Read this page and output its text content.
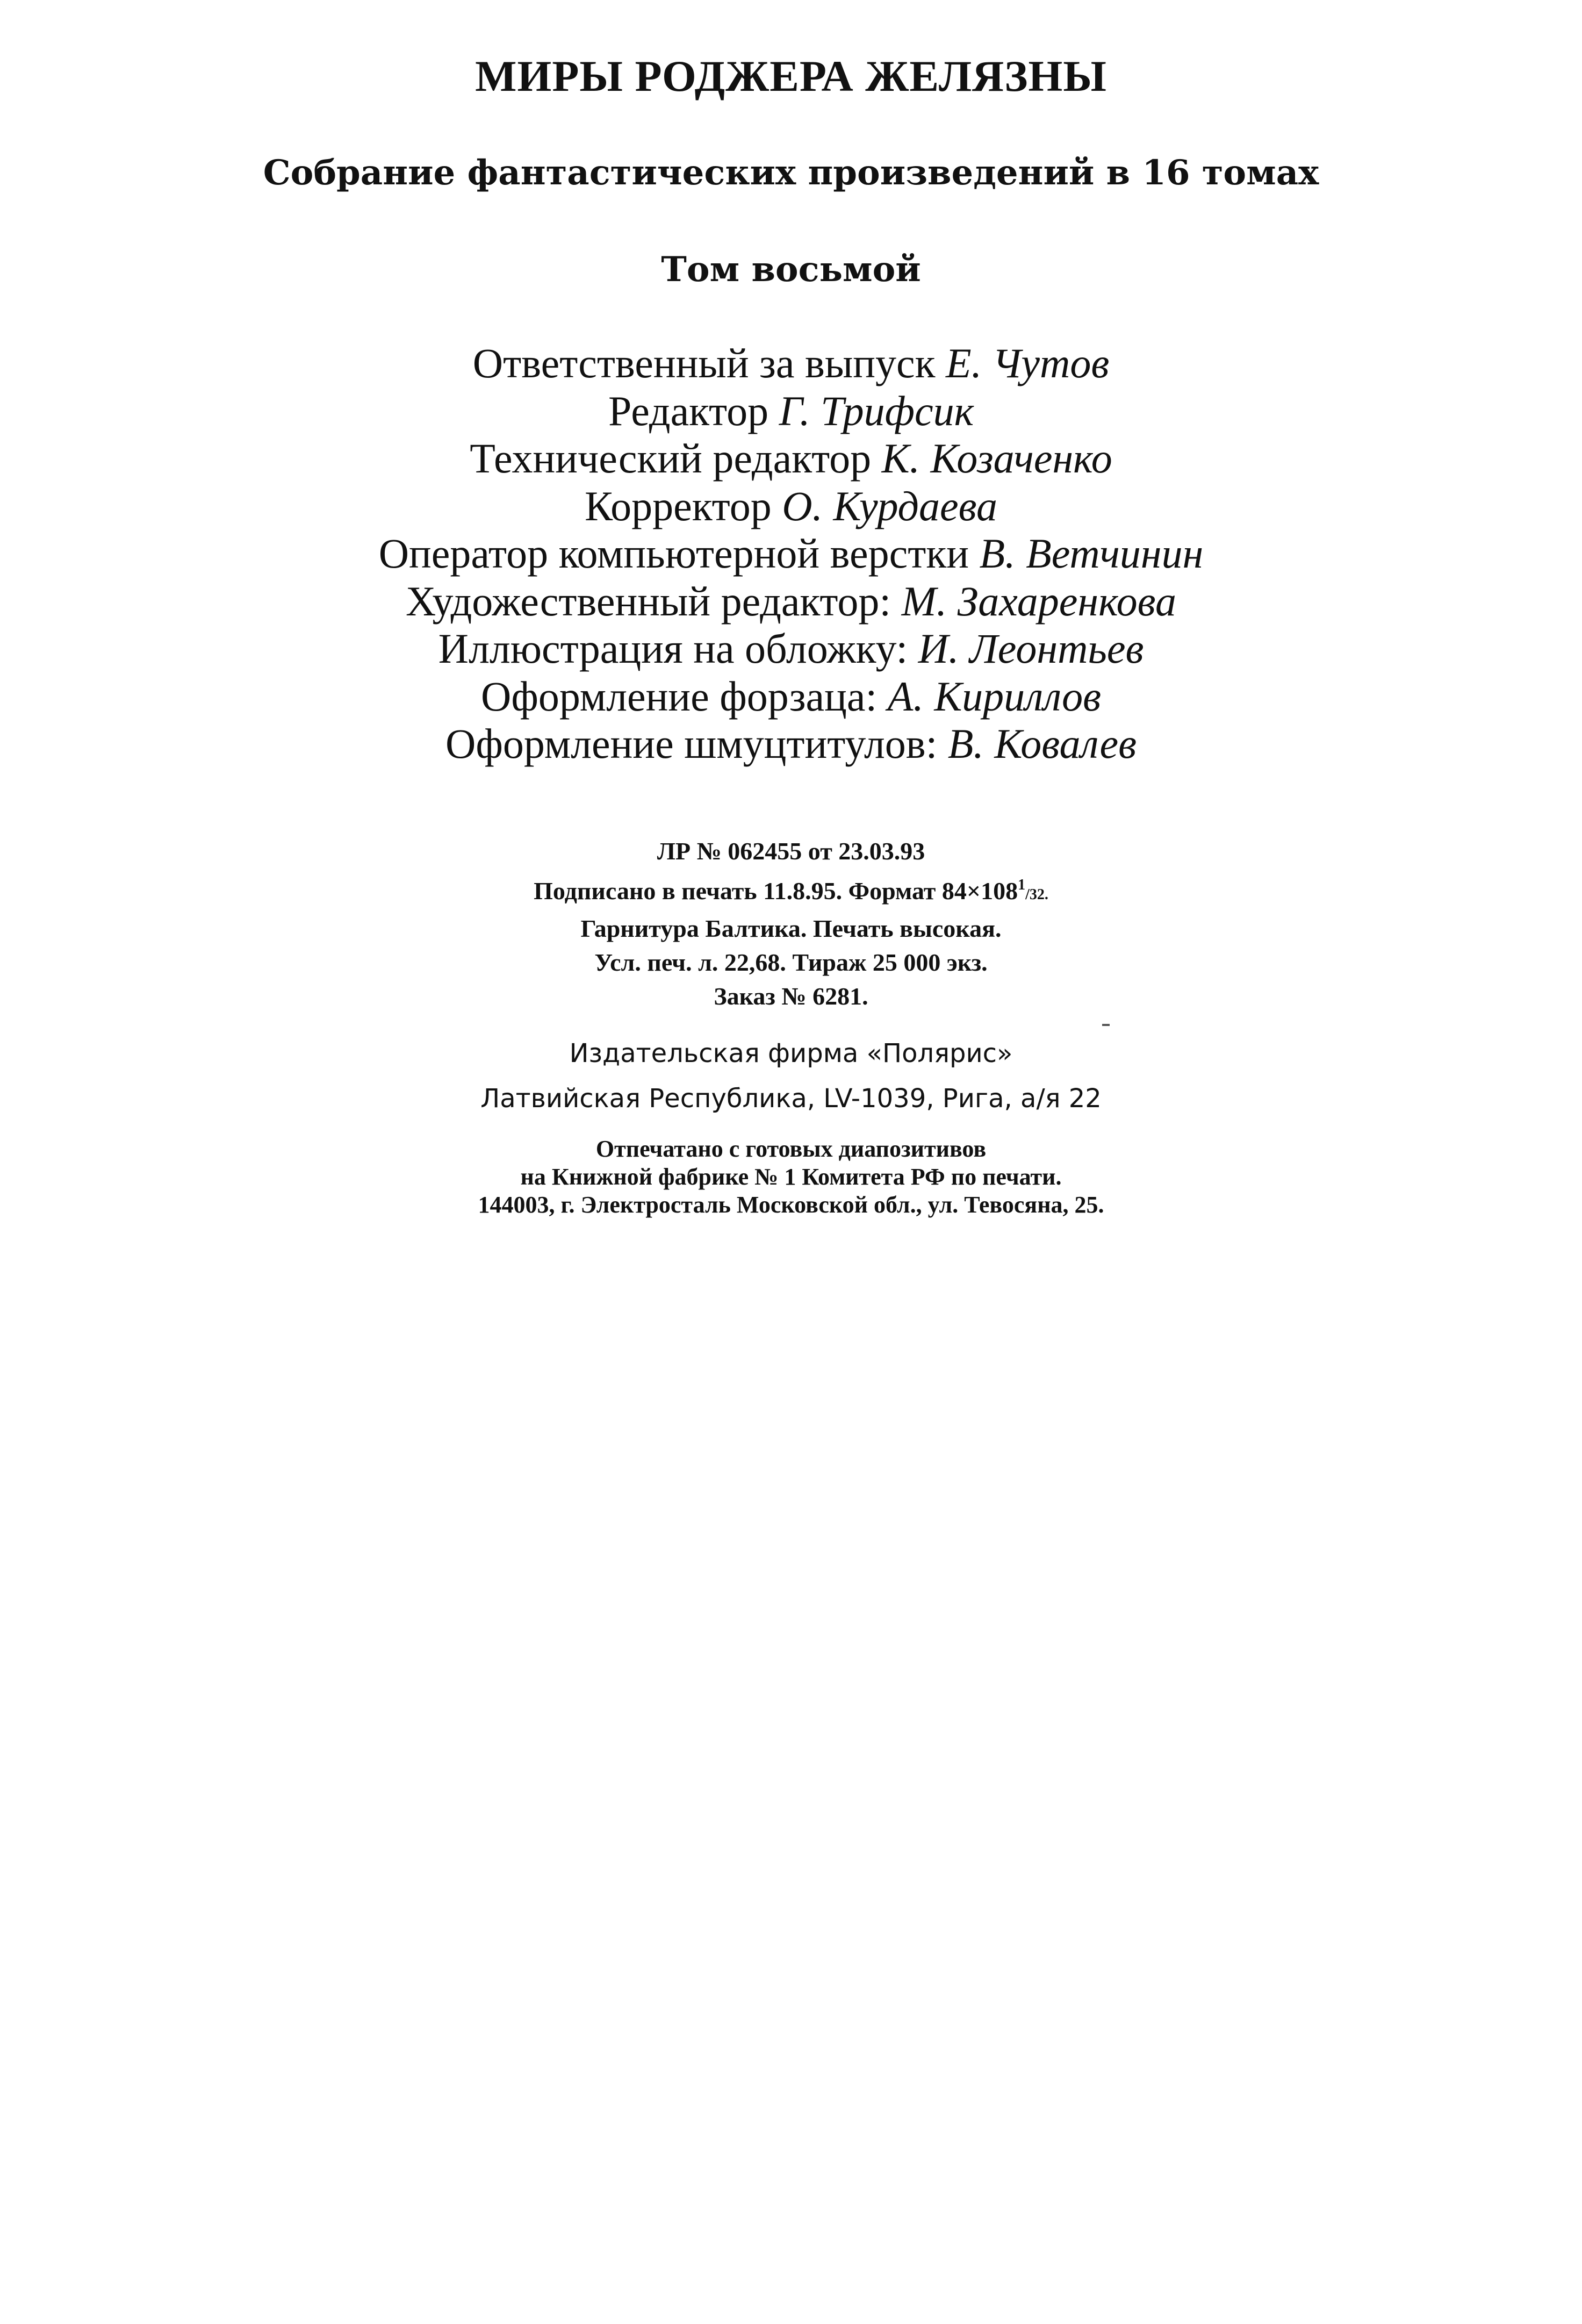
МИРЫ РОДЖЕРА ЖЕЛЯЗНЫ
Собрание фантастических произведений в 16 томах
Том восьмой
Ответственный за выпуск Е. Чутов
Редактор Г. Трифсик
Технический редактор К. Козаченко
Корректор О. Курдаева
Оператор компьютерной верстки В. Ветчинин
Художественный редактор: М. Захаренкова
Иллюстрация на обложку: И. Леонтьев
Оформление форзаца: А. Кириллов
Оформление шмуцтитулов: В. Ковалев
ЛР № 062455 от 23.03.93
Подписано в печать 11.8.95. Формат $84\times 108^1/32$.
Гарнитура Балтика. Печать высокая.
Усл. печ. л. 22,68. Тираж 25 000 экз.
Заказ № 6281.
Издательская фирма «Полярис»
Латвийская Республика, LV-1039, Рига, а/я 22
Отпечатано с готовых диапозитивов
на Книжной фабрике № 1 Комитета РФ по печати.
144003, г. Электросталь Московской обл., ул. Тевосяна, 25.
